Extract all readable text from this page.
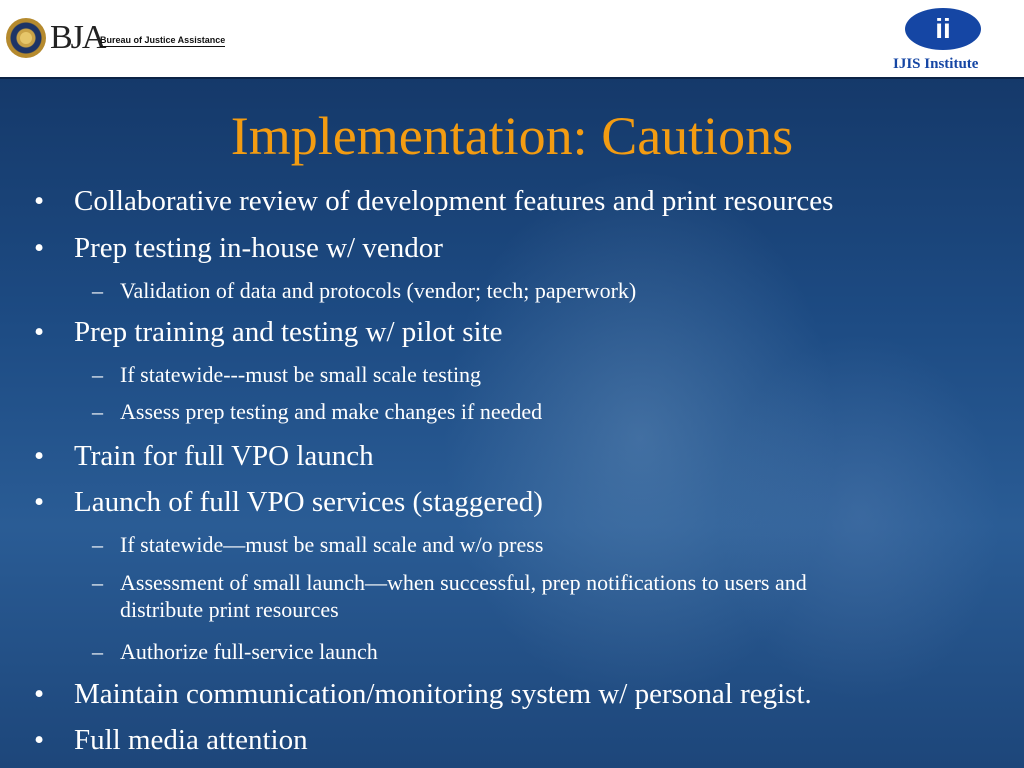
BJA
Bureau of Justice Assistance	ii
IJIS Institute
Implementation: Cautions
• Collaborative review of development features and print resources
• Prep testing in-house w/ vendor
– Validation of data and protocols (vendor; tech; paperwork)
• Prep training and testing w/ pilot site
– If statewide---must be small scale testing
– Assess prep testing and make changes if needed
• Train for full VPO launch
• Launch of full VPO services (staggered)
– If statewide—must be small scale and w/o press
– Assessment of small launch—when successful, prep notifications to users and
distribute print resources
– Authorize full-service launch
• Maintain communication/monitoring system w/ personal regist.
• Full media attention
